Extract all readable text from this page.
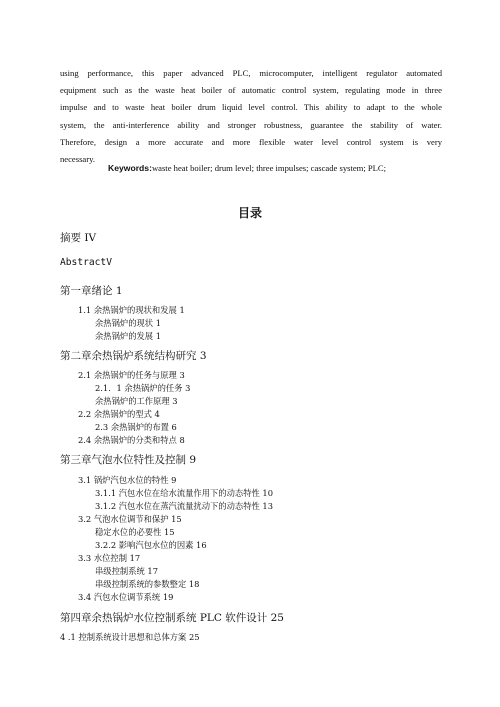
using performance, this paper advanced PLC, microcomputer, intelligent regulator automated
equipment such as the waste heat boiler of automatic control system, regulating mode in three
impulse and to waste heat boiler drum liquid level control. This ability to adapt to the whole
system, the anti-interference ability and stronger robustness, guarantee the stability of water.
Therefore, design a more accurate and more flexible water level control system is very
necessary.
Keywords:waste heat boiler; drum level; three impulses; cascade system; PLC;
目录
摘要 IV
AbstractV
第一章绪论 1
1.1 余热锅炉的现状和发展 1
余热锅炉的现状 1
余热锅炉的发展 1
第二章余热锅炉系统结构研究 3
2.1 余热锅炉的任务与原理 3
2.1．1 余热锅炉的任务 3
余热锅炉的工作原理 3
2.2 余热锅炉的型式 4
2.3 余热锅炉的布置 6
2.4 余热锅炉的分类和特点 8
第三章气泡水位特性及控制 9
3.1 锅炉汽包水位的特性 9
3.1.1 汽包水位在给水流量作用下的动态特性 10
3.1.2 汽包水位在蒸汽流量扰动下的动态特性 13
3.2 气泡水位调节和保护 15
稳定水位的必要性 15
3.2.2 影响汽包水位的因素 16
3.3 水位控制 17
串级控制系统 17
串级控制系统的参数整定 18
3.4 汽包水位调节系统 19
第四章余热锅炉水位控制系统 PLC 软件设计 25
4 .1 控制系统设计思想和总体方案 25
